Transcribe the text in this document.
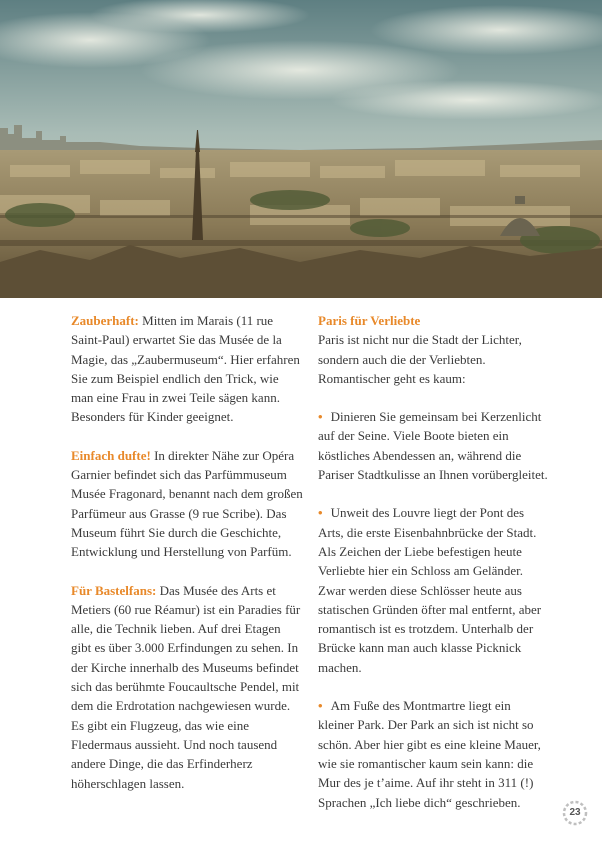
Zauberhaft: Mitten im Marais (11 rue Saint-Paul) erwartet Sie das Musée de la Magie, das „Zaubermuseum“. Hier erfahren Sie zum Beispiel endlich den Trick, wie man eine Frau in zwei Teile sägen kann. Besonders für Kinder geeignet.

Einfach dufte! In direkter Nähe zur Opéra Garnier befindet sich das Parfümmuseum Musée Fragonard, benannt nach dem großen Parfümeur aus Grasse (9 rue Scribe). Das Museum führt Sie durch die Geschichte, Entwicklung und Herstellung von Parfüm.

Für Bastelfans: Das Musée des Arts et Metiers (60 rue Réamur) ist ein Paradies für alle, die Technik lieben. Auf drei Etagen gibt es über 3.000 Erfindungen zu sehen. In der Kirche innerhalb des Museums befindet sich das berühmte Foucaultsche Pendel, mit dem die Erdrotation nachgewiesen wurde. Es gibt ein Flugzeug, das wie eine Fledermaus aussieht. Und noch tausend andere Dinge, die das Erfinderherz höherschlagen lassen.

Paris für Verliebte

Paris ist nicht nur die Stadt der Lichter, sondern auch die der Verliebten. Romantischer geht es kaum:

• Dinieren Sie gemeinsam bei Kerzenlicht auf der Seine. Viele Boote bieten ein köstliches Abendessen an, während die Pariser Stadtkulisse an Ihnen vorübergleitet.

• Unweit des Louvre liegt der Pont des Arts, die erste Eisenbahnbrücke der Stadt. Als Zeichen der Liebe befestigen heute Verliebte hier ein Schloss am Geländer. Zwar werden diese Schlösser heute aus statischen Gründen öfter mal entfernt, aber romantisch ist es trotzdem. Unterhalb der Brücke kann man auch klasse Picknick machen.

• Am Fuße des Montmartre liegt ein kleiner Park. Der Park an sich ist nicht so schön. Aber hier gibt es eine kleine Mauer, wie sie romantischer kaum sein kann: die Mur des je t’aime. Auf ihr steht in 311 (!) Sprachen „Ich liebe dich“ geschrieben.

23
